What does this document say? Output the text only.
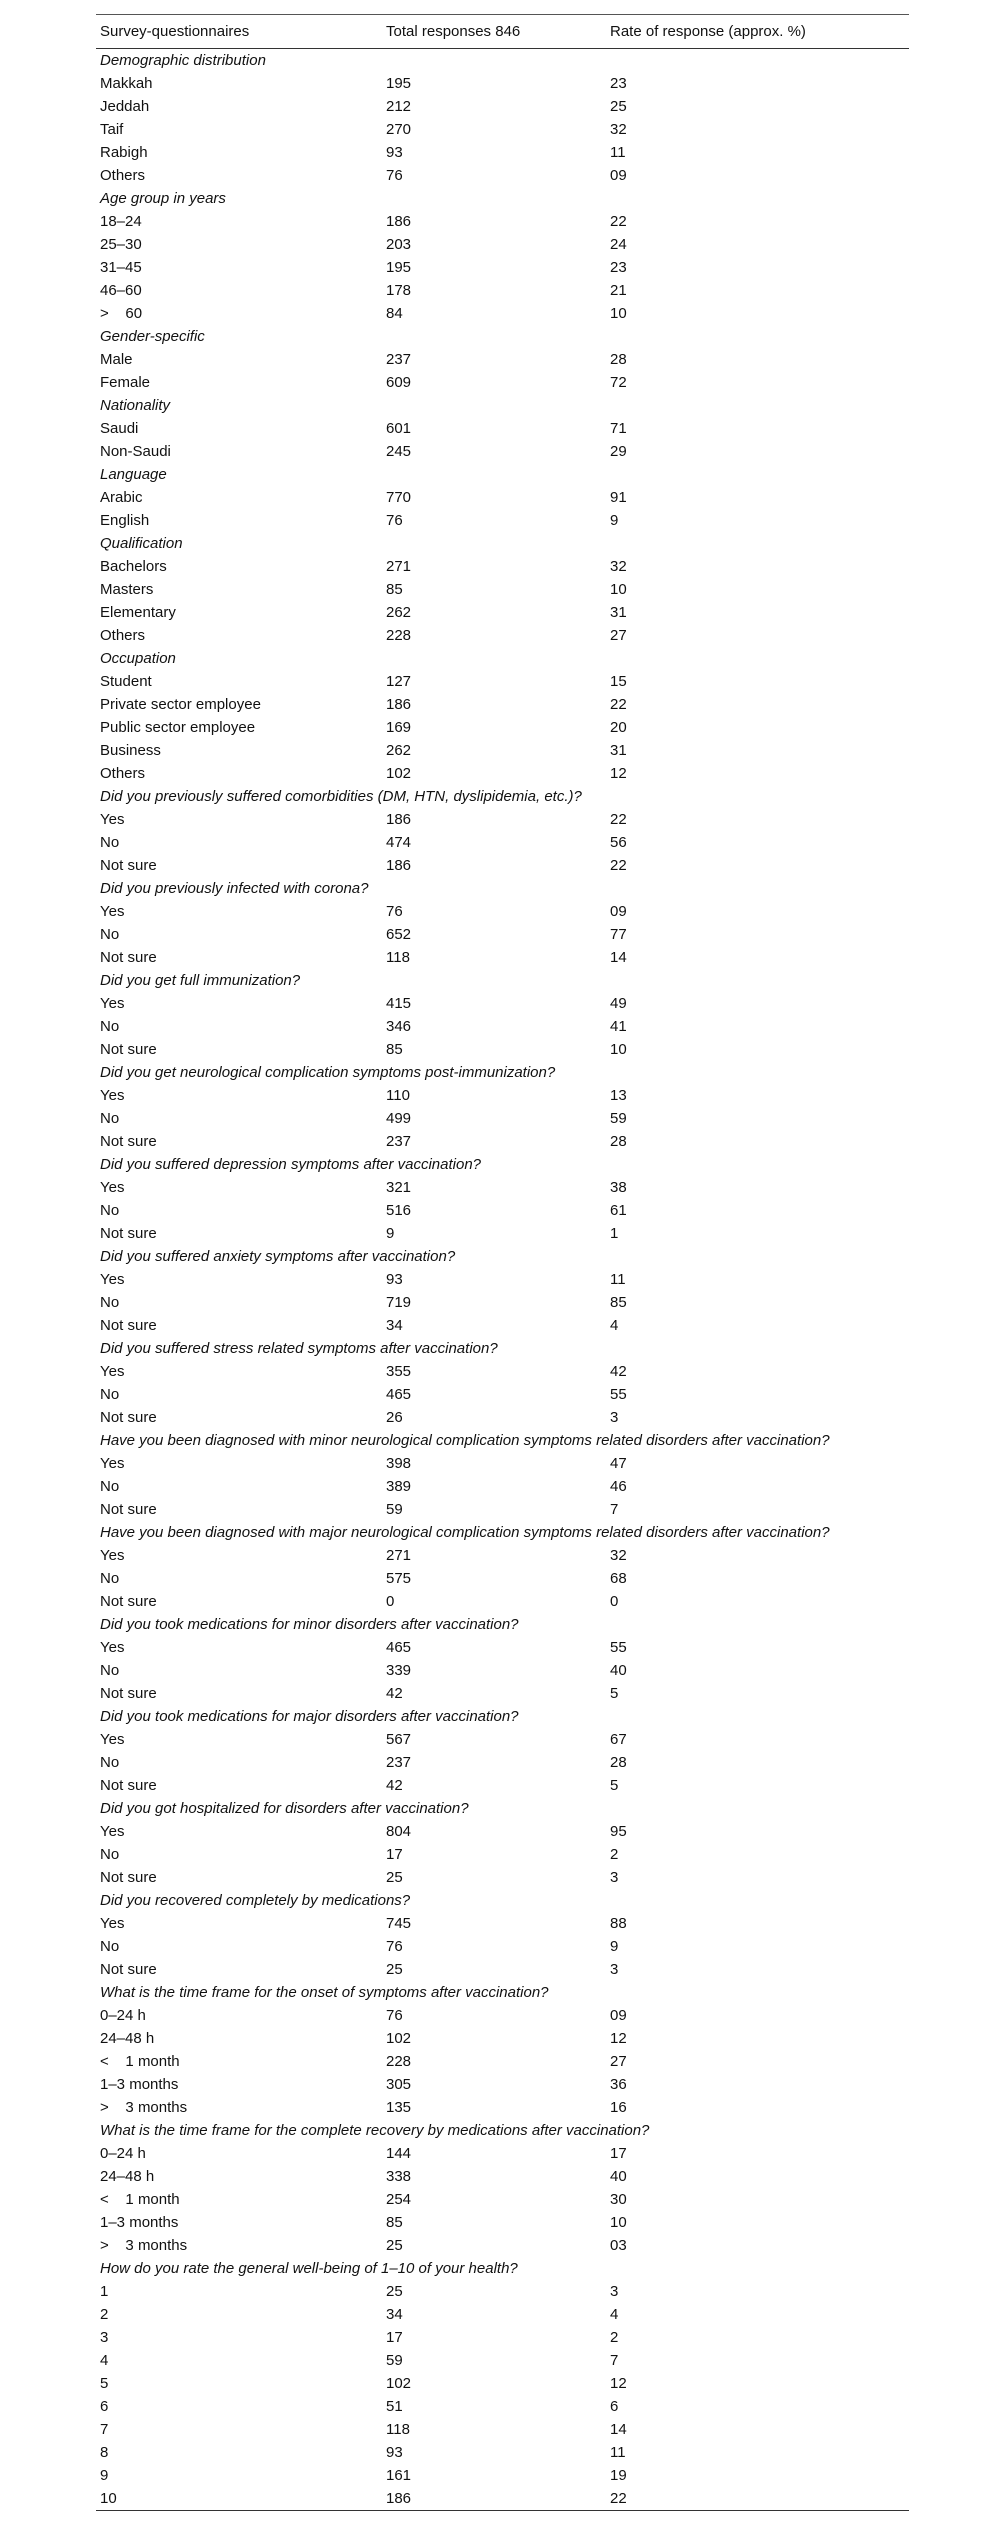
Survey-questionnaires	Total responses 846	Rate of response (approx. %)
Demographic distribution
Makkah	195	23
Jeddah	212	25
Taif	270	32
Rabigh	93	11
Others	76	09
Age group in years
18–24	186	22
25–30	203	24
31–45	195	23
46–60	178	21
>    60	84	10
Gender-specific
Male	237	28
Female	609	72
Nationality
Saudi	601	71
Non-Saudi	245	29
Language
Arabic	770	91
English	76	9
Qualification
Bachelors	271	32
Masters	85	10
Elementary	262	31
Others	228	27
Occupation
Student	127	15
Private sector employee	186	22
Public sector employee	169	20
Business	262	31
Others	102	12
Did you previously suffered comorbidities (DM, HTN, dyslipidemia, etc.)?
Yes	186	22
No	474	56
Not sure	186	22
Did you previously infected with corona?
Yes	76	09
No	652	77
Not sure	118	14
Did you get full immunization?
Yes	415	49
No	346	41
Not sure	85	10
Did you get neurological complication symptoms post-immunization?
Yes	110	13
No	499	59
Not sure	237	28
Did you suffered depression symptoms after vaccination?
Yes	321	38
No	516	61
Not sure	9	1
Did you suffered anxiety symptoms after vaccination?
Yes	93	11
No	719	85
Not sure	34	4
Did you suffered stress related symptoms after vaccination?
Yes	355	42
No	465	55
Not sure	26	3
Have you been diagnosed with minor neurological complication symptoms related disorders after vaccination?
Yes	398	47
No	389	46
Not sure	59	7
Have you been diagnosed with major neurological complication symptoms related disorders after vaccination?
Yes	271	32
No	575	68
Not sure	0	0
Did you took medications for minor disorders after vaccination?
Yes	465	55
No	339	40
Not sure	42	5
Did you took medications for major disorders after vaccination?
Yes	567	67
No	237	28
Not sure	42	5
Did you got hospitalized for disorders after vaccination?
Yes	804	95
No	17	2
Not sure	25	3
Did you recovered completely by medications?
Yes	745	88
No	76	9
Not sure	25	3
What is the time frame for the onset of symptoms after vaccination?
0–24 h	76	09
24–48 h	102	12
<    1 month	228	27
1–3 months	305	36
>    3 months	135	16
What is the time frame for the complete recovery by medications after vaccination?
0–24 h	144	17
24–48 h	338	40
<    1 month	254	30
1–3 months	85	10
>    3 months	25	03
How do you rate the general well-being of 1–10 of your health?
1	25	3
2	34	4
3	17	2
4	59	7
5	102	12
6	51	6
7	118	14
8	93	11
9	161	19
10	186	22
